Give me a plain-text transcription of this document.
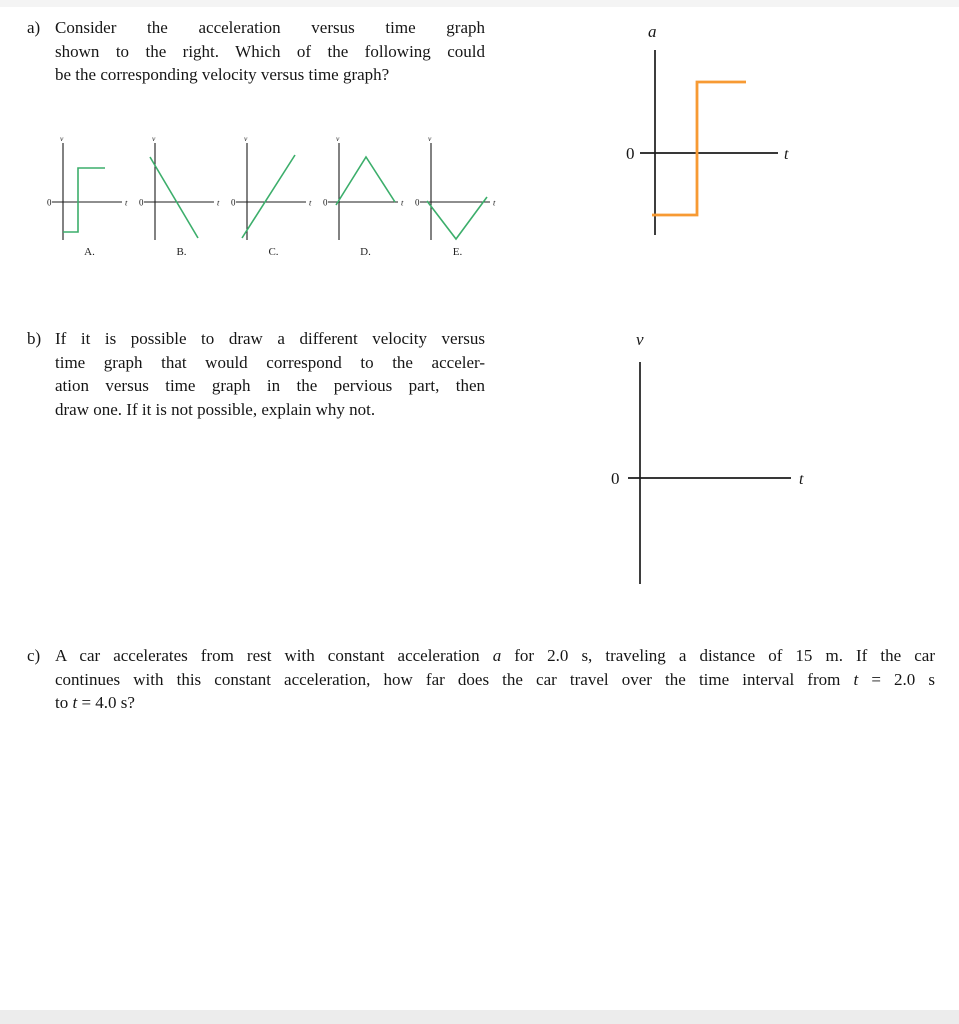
a) Consider the acceleration versus time graph
shown to the right. Which of the following could
be the corresponding velocity versus time graph?
v
0	t
A.
v
0	t
B.
v
0	t
C.
v
0	t
D.
v
0	t
E.
a
0	t
b) If it is possible to draw a different velocity versus
time graph that would correspond to the acceler-
ation versus time graph in the pervious part, then
draw one. If it is not possible, explain why not.
v
0	t
c) A car accelerates from rest with constant acceleration a for 2.0 s, traveling a distance of 15 m. If the car
continues with this constant acceleration, how far does the car travel over the time interval from t = 2.0 s
to t = 4.0 s?
